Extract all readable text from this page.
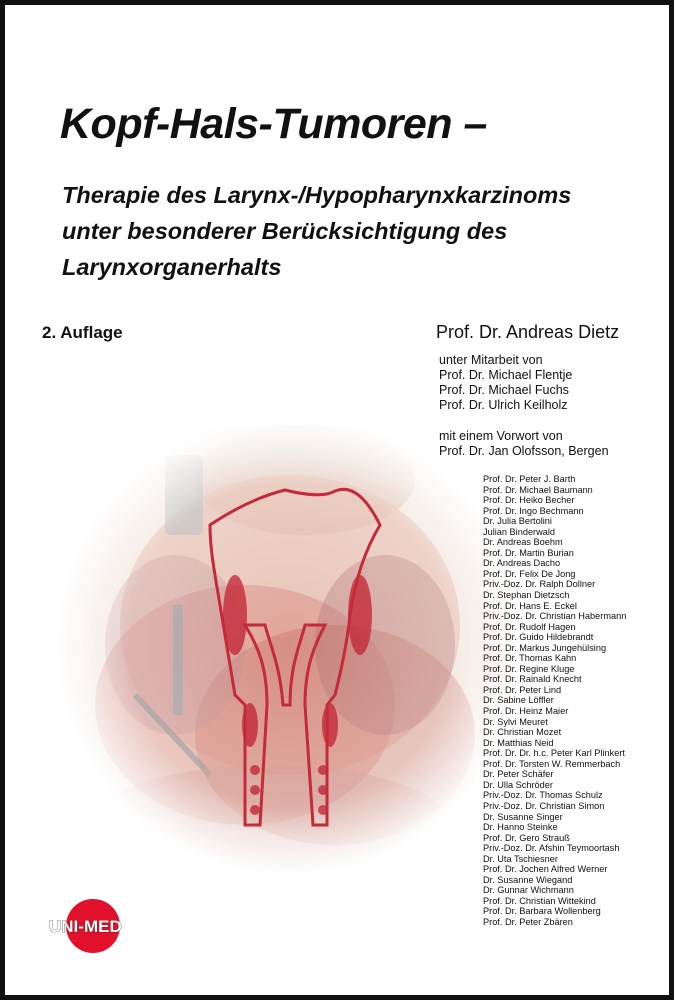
Kopf-Hals-Tumoren –
Therapie des Larynx-/Hypopharynxkarzinoms
unter besonderer Berücksichtigung des
Larynxorganerhalts
2. Auflage	Prof. Dr. Andreas Dietz
unter Mitarbeit von
Prof. Dr. Michael Flentje
Prof. Dr. Michael Fuchs
Prof. Dr. Ulrich Keilholz
mit einem Vorwort von
Prof. Dr. Jan Olofsson, Bergen
Prof. Dr. Peter J. Barth
Prof. Dr. Michael Baumann
Prof. Dr. Heiko Becher
Prof. Dr. Ingo Bechmann
Dr. Julia Bertolini
Julian Binderwald
Dr. Andreas Boehm
Prof. Dr. Martin Burian
Dr. Andreas Dacho
Prof. Dr. Felix De Jong
Priv.-Doz. Dr. Ralph Dollner
Dr. Stephan Dietzsch
Prof. Dr. Hans E. Eckel
Priv.-Doz. Dr. Christian Habermann
Prof. Dr. Rudolf Hagen
Prof. Dr. Guido Hildebrandt
Prof. Dr. Markus Jungehülsing
Prof. Dr. Thomas Kahn
Prof. Dr. Regine Kluge
Prof. Dr. Rainald Knecht
Prof. Dr. Peter Lind
Dr. Sabine Löffler
Prof. Dr. Heinz Maier
Dr. Sylvi Meuret
Dr. Christian Mozet
Dr. Matthias Neid
Prof. Dr. Dr. h.c. Peter Karl Plinkert
Prof. Dr. Torsten W. Remmerbach
Dr. Peter Schäfer
Dr. Ulla Schröder
Priv.-Doz. Dr. Thomas Schulz
Priv.-Doz. Dr. Christian Simon
Dr. Susanne Singer
Dr. Hanno Steinke
Prof. Dr. Gero Strauß
Priv.-Doz. Dr. Afshin Teymoortash
Dr. Uta Tschiesner
Prof. Dr. Jochen Alfred Werner
Dr. Susanne Wiegand
Dr. Gunnar Wichmann
Prof. Dr. Christian Wittekind
Prof. Dr. Barbara Wollenberg
Prof. Dr. Peter Zbären
UNI-MED
